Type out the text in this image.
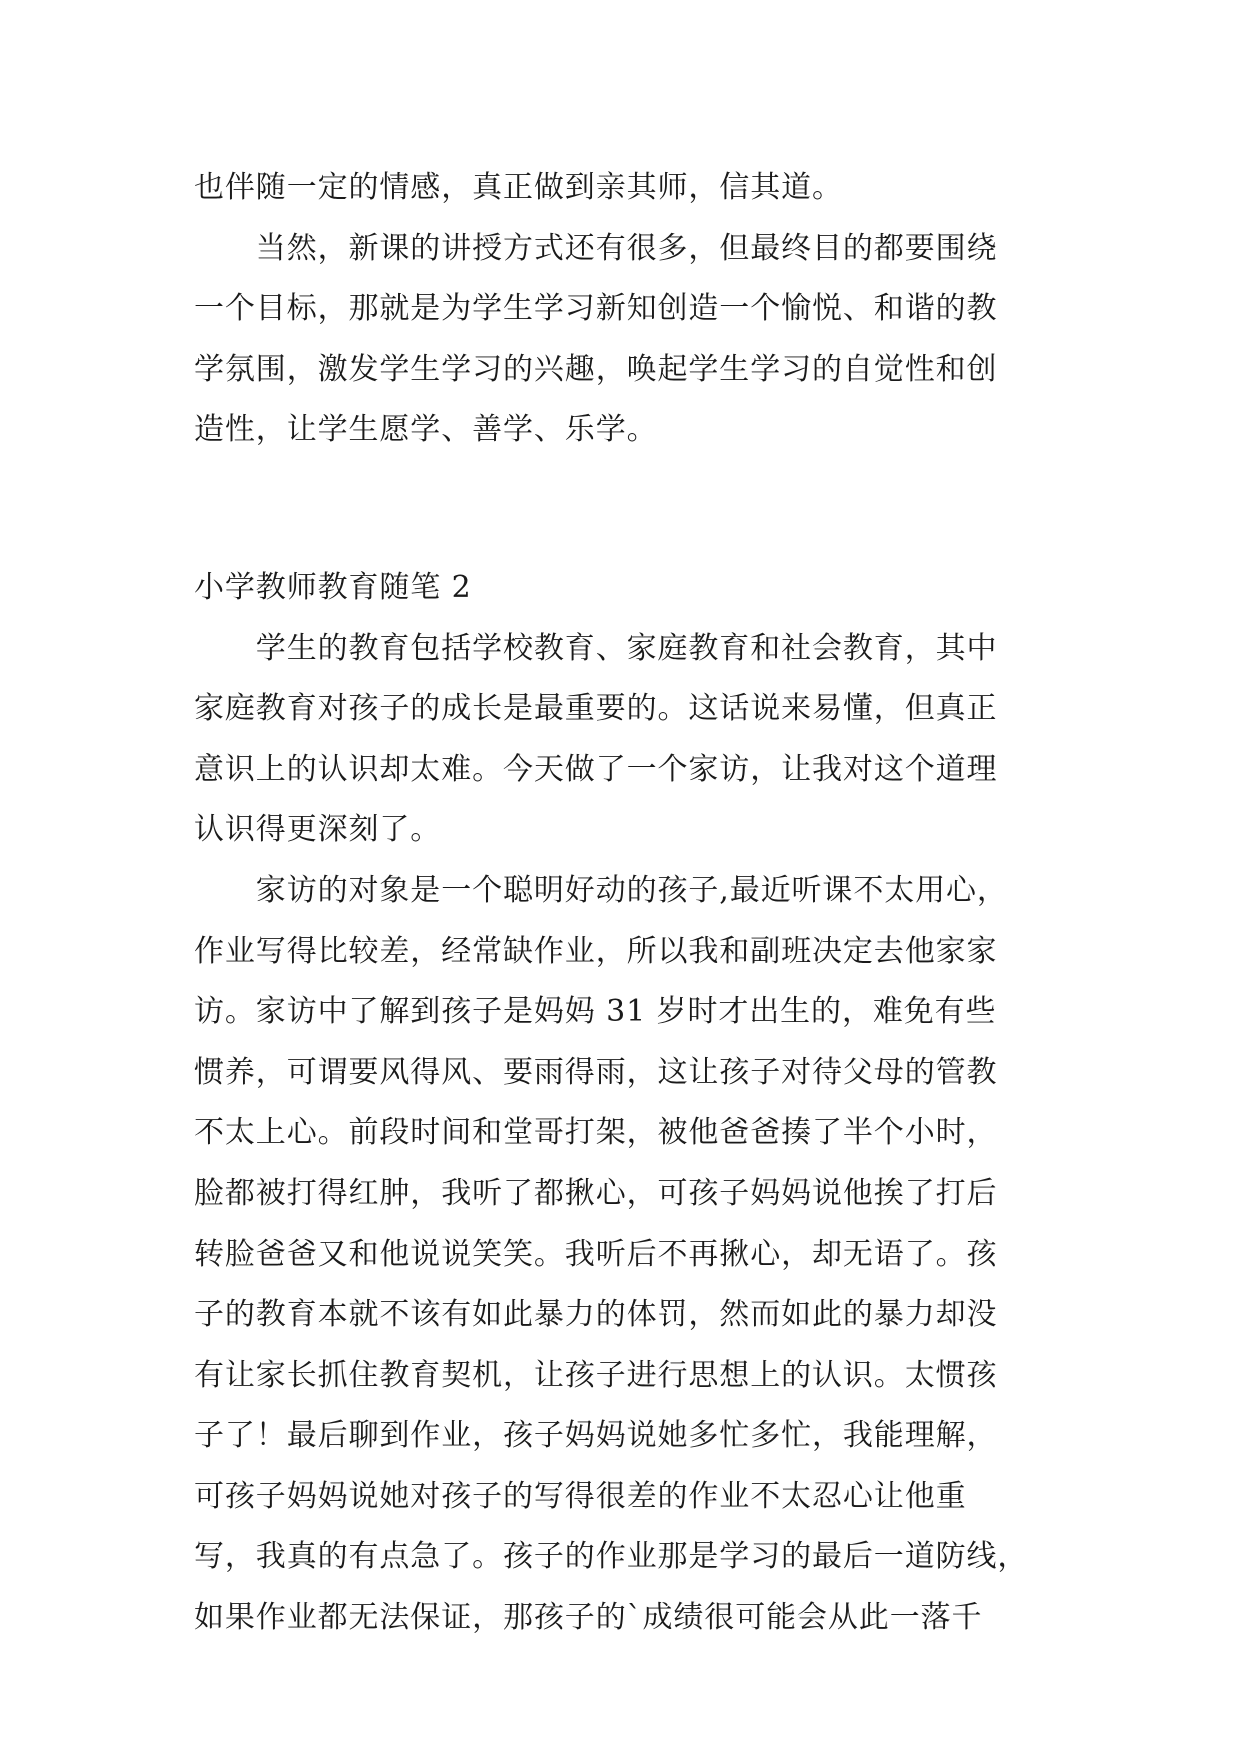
也伴随一定的情感，真正做到亲其师，信其道。
　　当然，新课的讲授方式还有很多，但最终目的都要围绕
一个目标，那就是为学生学习新知创造一个愉悦、和谐的教
学氛围，激发学生学习的兴趣，唤起学生学习的自觉性和创
造性，让学生愿学、善学、乐学。
小学教师教育随笔 2
　　学生的教育包括学校教育、家庭教育和社会教育，其中
家庭教育对孩子的成长是最重要的。这话说来易懂，但真正
意识上的认识却太难。今天做了一个家访，让我对这个道理
认识得更深刻了。
　　家访的对象是一个聪明好动的孩子,最近听课不太用心，
作业写得比较差，经常缺作业，所以我和副班决定去他家家
访。家访中了解到孩子是妈妈 31 岁时才出生的，难免有些
惯养，可谓要风得风、要雨得雨，这让孩子对待父母的管教
不太上心。前段时间和堂哥打架，被他爸爸揍了半个小时，
脸都被打得红肿，我听了都揪心，可孩子妈妈说他挨了打后
转脸爸爸又和他说说笑笑。我听后不再揪心，却无语了。孩
子的教育本就不该有如此暴力的体罚，然而如此的暴力却没
有让家长抓住教育契机，让孩子进行思想上的认识。太惯孩
子了！最后聊到作业，孩子妈妈说她多忙多忙，我能理解，
可孩子妈妈说她对孩子的写得很差的作业不太忍心让他重
写，我真的有点急了。孩子的作业那是学习的最后一道防线，
如果作业都无法保证，那孩子的`成绩很可能会从此一落千
